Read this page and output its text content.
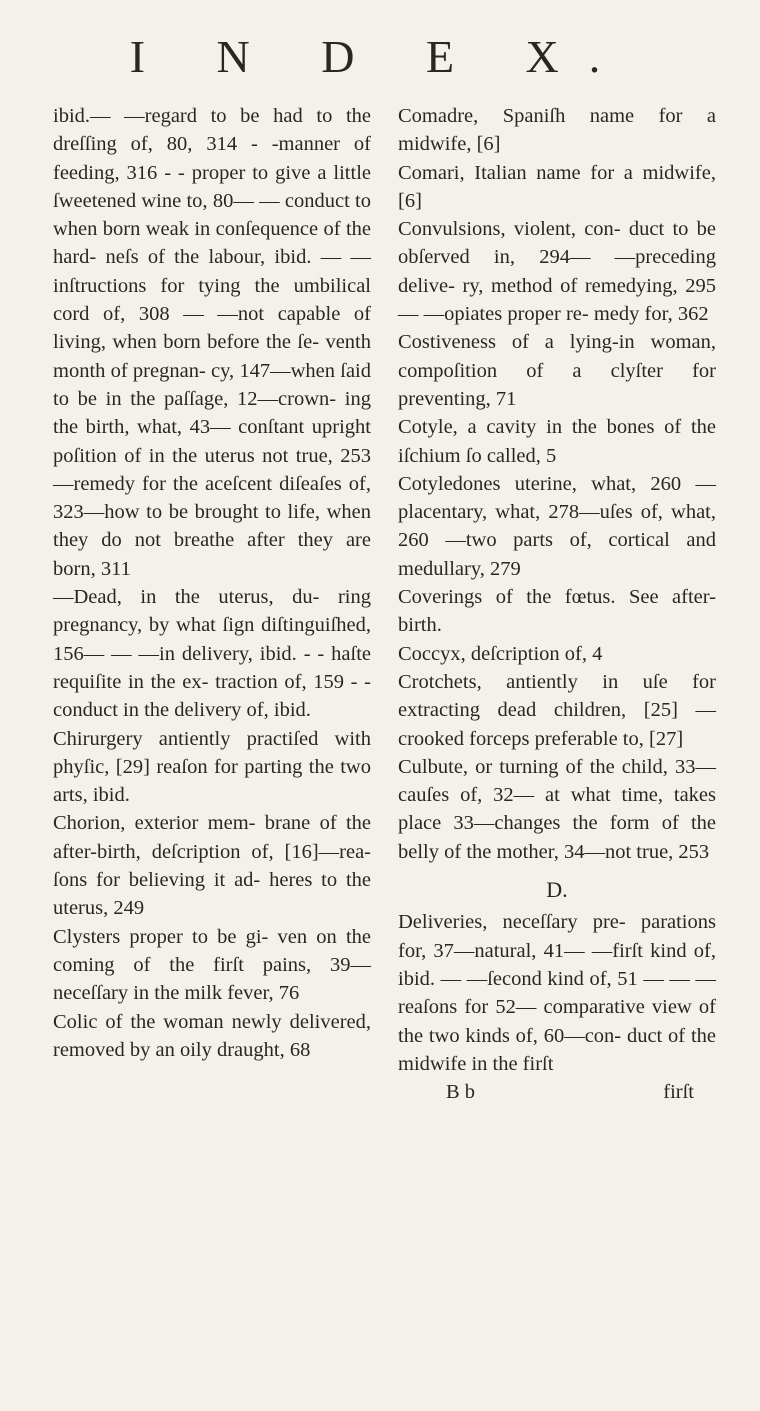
I N D E X.

ibid.— —regard to be had to the dreſſing of, 80, 314 - -manner of feeding, 316 - - proper to give a little ſweetened wine to, 80— — conduct to when born weak in conſequence of the hard- neſs of the labour, ibid. — —inſtructions for tying the umbilical cord of, 308 — —not capable of living, when born before the ſe- venth month of pregnan- cy, 147—when ſaid to be in the paſſage, 12—crown- ing the birth, what, 43— conſtant upright poſition of in the uterus not true, 253 —remedy for the aceſcent diſeaſes of, 323—how to be brought to life, when they do not breathe after they are born, 311

—Dead, in the uterus, du- ring pregnancy, by what ſign diſtinguiſhed, 156— — —in delivery, ibid. - - haſte requiſite in the ex- traction of, 159 - - conduct in the delivery of, ibid.

Chirurgery antiently practiſed with phyſic, [29] reaſon for parting the two arts, ibid.

Chorion, exterior mem- brane of the after-birth, deſcription of, [16]—rea- ſons for believing it ad- heres to the uterus, 249

Clysters proper to be gi- ven on the coming of the firſt pains, 39—neceſſary in the milk fever, 76

Colic of the woman newly delivered, removed by an oily draught, 68

Comadre, Spaniſh name for a midwife, [6]

Comari, Italian name for a midwife, [6]

Convulsions, violent, con- duct to be obſerved in, 294— —preceding delive- ry, method of remedying, 295— —opiates proper re- medy for, 362

Costiveness of a lying-in woman, compoſition of a clyſter for preventing, 71

Cotyle, a cavity in the bones of the iſchium ſo called, 5

Cotyledones uterine, what, 260 —placentary, what, 278—uſes of, what, 260 —two parts of, cortical and medullary, 279

Coverings of the fœtus. See after-birth.

Coccyx, deſcription of, 4

Crotchets, antiently in uſe for extracting dead children, [25] —crooked forceps preferable to, [27]

Culbute, or turning of the child, 33—cauſes of, 32— at what time, takes place 33—changes the form of the belly of the mother, 34—not true, 253

D.

Deliveries, neceſſary pre- parations for, 37—natural, 41— —firſt kind of, ibid. — —ſecond kind of, 51 — — —reaſons for 52— comparative view of the two kinds of, 60—con- duct of the midwife in the firſt

B b	firſt
